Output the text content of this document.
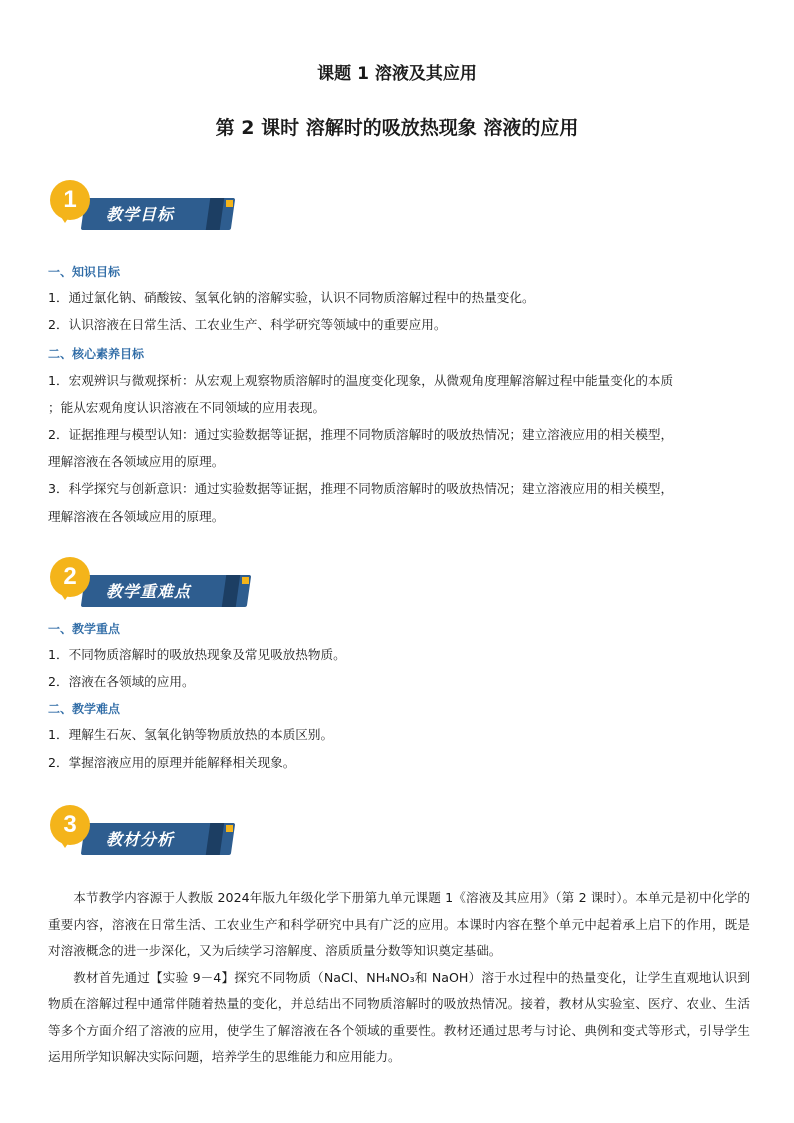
课题 1 溶液及其应用
第 2 课时 溶解时的吸放热现象 溶液的应用
1
教学目标
一、知识目标
1．通过氯化钠、硝酸铵、氢氧化钠的溶解实验，认识不同物质溶解过程中的热量变化。
2．认识溶液在日常生活、工农业生产、科学研究等领域中的重要应用。
二、核心素养目标
1．宏观辨识与微观探析：从宏观上观察物质溶解时的温度变化现象，从微观角度理解溶解过程中能量变化的本质
；能从宏观角度认识溶液在不同领域的应用表现。
2．证据推理与模型认知：通过实验数据等证据，推理不同物质溶解时的吸放热情况；建立溶液应用的相关模型，
理解溶液在各领域应用的原理。
3．科学探究与创新意识：通过实验数据等证据，推理不同物质溶解时的吸放热情况；建立溶液应用的相关模型，
理解溶液在各领域应用的原理。
2
教学重难点
一、教学重点
1．不同物质溶解时的吸放热现象及常见吸放热物质。
2．溶液在各领域的应用。
二、教学难点
1．理解生石灰、氢氧化钠等物质放热的本质区别。
2．掌握溶液应用的原理并能解释相关现象。
3
教材分析

本节教学内容源于人教版 2024年版九年级化学下册第九单元课题 1《溶液及其应用》（第 2 课时）。本单元是初中化学的重要内容，溶液在日常生活、工农业生产和科学研究中具有广泛的应用。本课时内容在整个单元中起着承上启下的作用，既是对溶液概念的进一步深化，又为后续学习溶解度、溶质质量分数等知识奠定基础。

教材首先通过【实验 9－4】探究不同物质（NaCl、NH₄NO₃和 NaOH）溶于水过程中的热量变化，让学生直观地认识到物质在溶解过程中通常伴随着热量的变化，并总结出不同物质溶解时的吸放热情况。接着，教材从实验室、医疗、农业、生活等多个方面介绍了溶液的应用，使学生了解溶液在各个领域的重要性。教材还通过思考与讨论、典例和变式等形式，引导学生运用所学知识解决实际问题，培养学生的思维能力和应用能力。
